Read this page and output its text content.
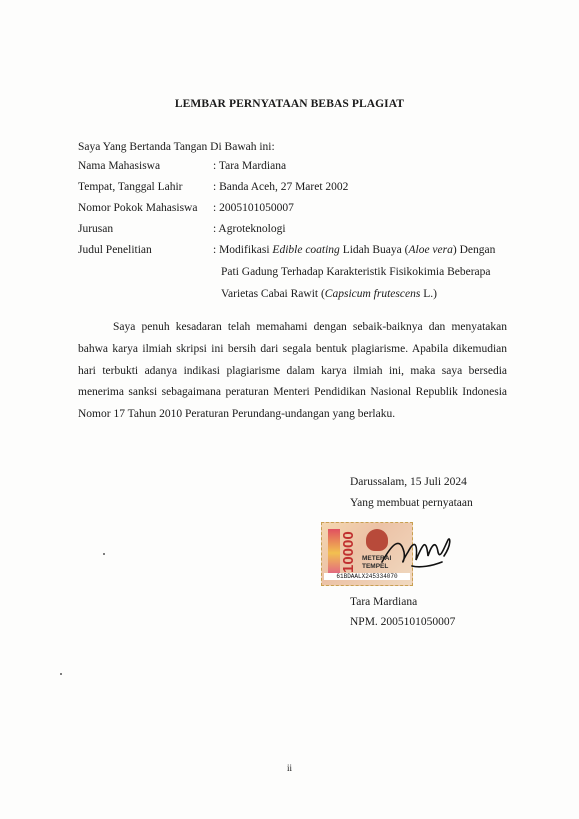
LEMBAR PERNYATAAN BEBAS PLAGIAT
Saya Yang Bertanda Tangan Di Bawah ini:
Nama Mahasiswa	: Tara Mardiana
Tempat, Tanggal Lahir	: Banda Aceh, 27 Maret 2002
Nomor Pokok Mahasiswa	: 2005101050007
Jurusan	: Agroteknologi
Judul Penelitian	: Modifikasi Edible coating Lidah Buaya (Aloe vera) Dengan
Pati Gadung Terhadap Karakteristik Fisikokimia Beberapa
Varietas Cabai Rawit (Capsicum frutescens L.)
Saya penuh kesadaran telah memahami dengan sebaik-baiknya dan menyatakan bahwa karya ilmiah skripsi ini bersih dari segala bentuk plagiarisme. Apabila dikemudian hari terbukti adanya indikasi plagiarisme dalam karya ilmiah ini, maka saya bersedia menerima sanksi sebagaimana peraturan Menteri Pendidikan Nasional Republik Indonesia Nomor 17 Tahun 2010 Peraturan Perundang-undangan yang berlaku.
Darussalam, 15 Juli 2024
Yang membuat pernyataan
10000 METERAI
TEMPEL
61BDAALX245334070
Tara Mardiana
NPM. 2005101050007
ii
